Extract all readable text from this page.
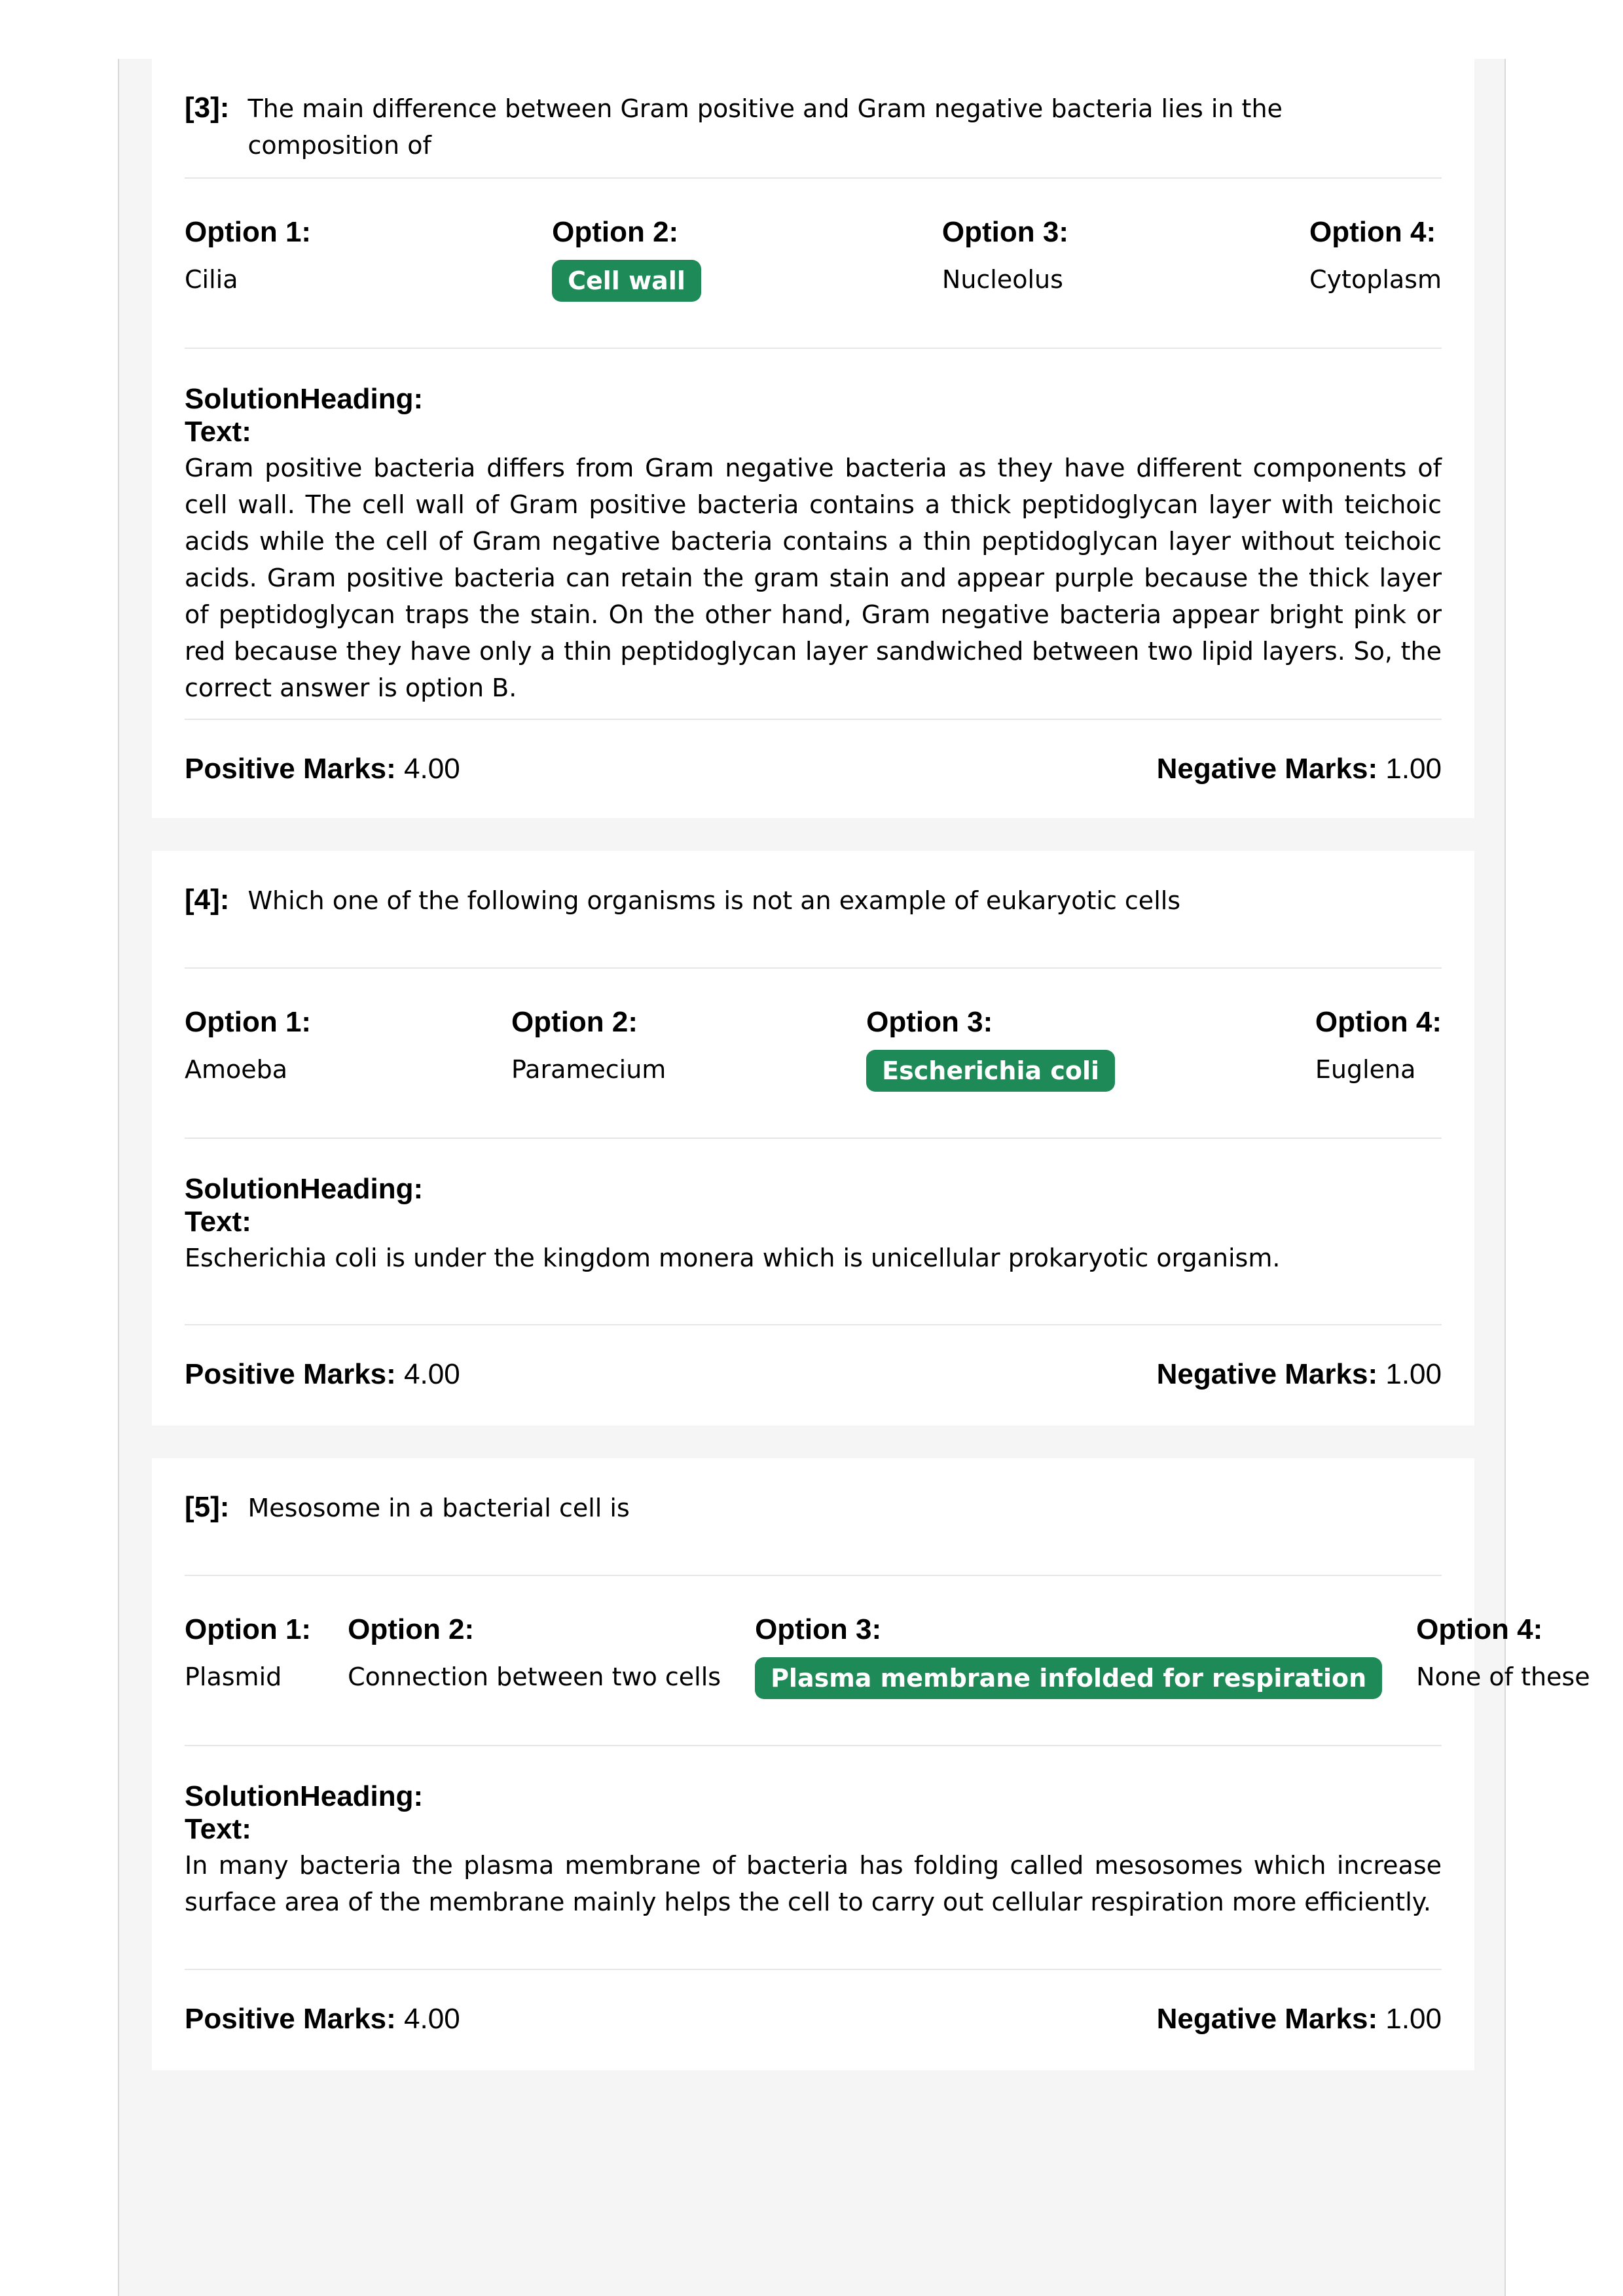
[3]: The main difference between Gram positive and Gram negative bacteria lies in the composition of
Option 1:
Cilia
Option 2:
Cell wall
Option 3:
Nucleolus
Option 4:
Cytoplasm
SolutionHeading:
Text:
Gram positive bacteria differs from Gram negative bacteria as they have different components of cell wall. The cell wall of Gram positive bacteria contains a thick peptidoglycan layer with teichoic acids while the cell of Gram negative bacteria contains a thin peptidoglycan layer without teichoic acids. Gram positive bacteria can retain the gram stain and appear purple because the thick layer of peptidoglycan traps the stain. On the other hand, Gram negative bacteria appear bright pink or red because they have only a thin peptidoglycan layer sandwiched between two lipid layers. So, the correct answer is option B.
Positive Marks: 4.00	Negative Marks: 1.00
[4]: Which one of the following organisms is not an example of eukaryotic cells
Option 1:
Amoeba
Option 2:
Paramecium
Option 3:
Escherichia coli
Option 4:
Euglena
SolutionHeading:
Text:
Escherichia coli is under the kingdom monera which is unicellular prokaryotic organism.
Positive Marks: 4.00	Negative Marks: 1.00
[5]: Mesosome in a bacterial cell is
Option 1:
Plasmid
Option 2:
Connection between two cells
Option 3:
Plasma membrane infolded for respiration
Option 4:
None of these
SolutionHeading:
Text:
In many bacteria the plasma membrane of bacteria has folding called mesosomes which increase surface area of the membrane mainly helps the cell to carry out cellular respiration more efficiently.
Positive Marks: 4.00	Negative Marks: 1.00
